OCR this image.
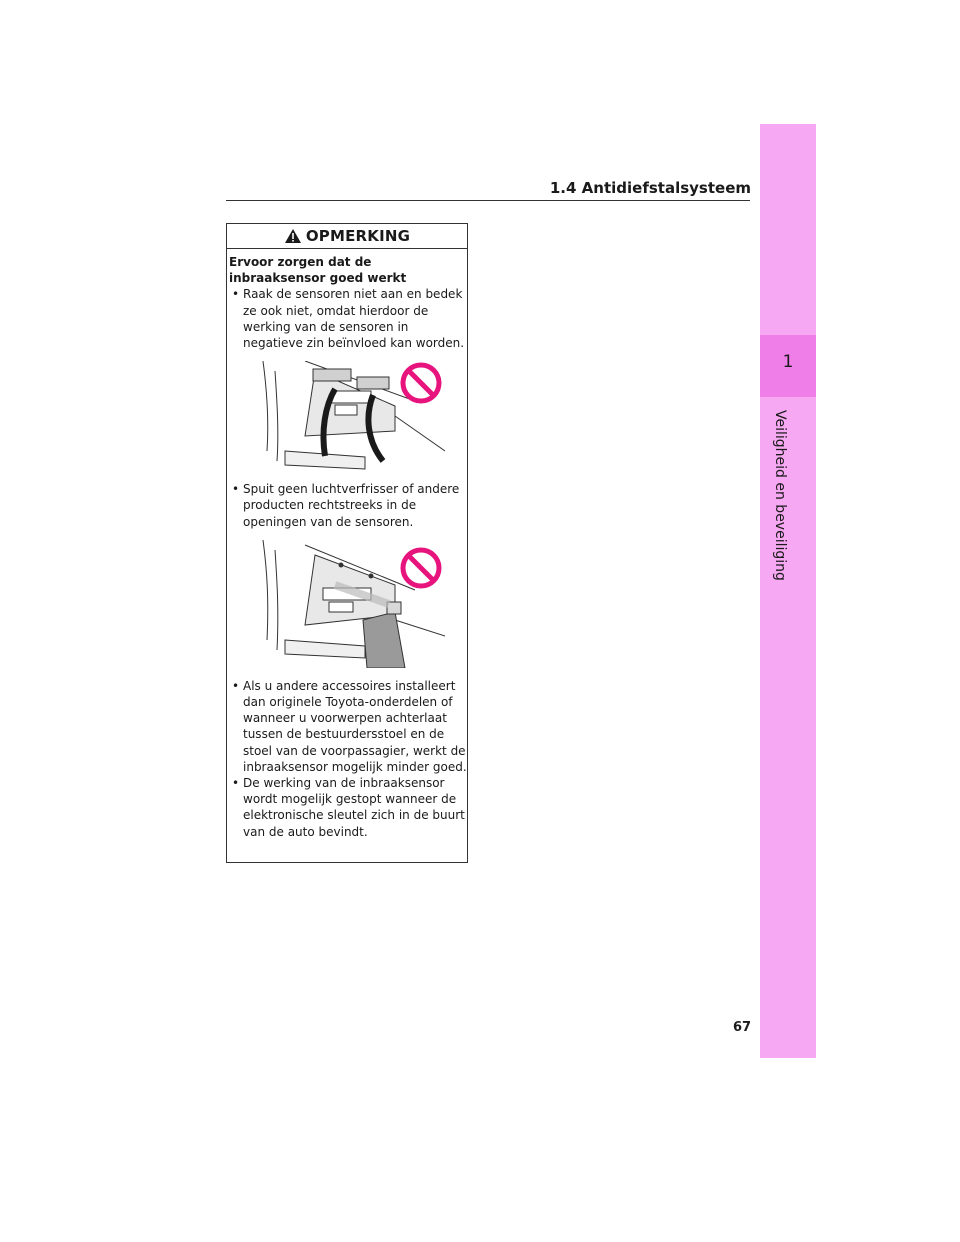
1
Veiligheid en beveiliging
1.4 Antidiefstalsysteem
OPMERKING
Ervoor zorgen dat de inbraaksensor goed werkt
• Raak de sensoren niet aan en bedek ze ook niet, omdat hierdoor de werking van de sensoren in negatieve zin beïnvloed kan worden.
• Spuit geen luchtverfrisser of andere producten rechtstreeks in de openingen van de sensoren.
• Als u andere accessoires installeert dan originele Toyota-onderdelen of wanneer u voorwerpen achterlaat tussen de bestuurdersstoel en de stoel van de voorpassagier, werkt de inbraaksensor mogelijk minder goed.
• De werking van de inbraaksensor wordt mogelijk gestopt wanneer de elektronische sleutel zich in de buurt van de auto bevindt.
67
